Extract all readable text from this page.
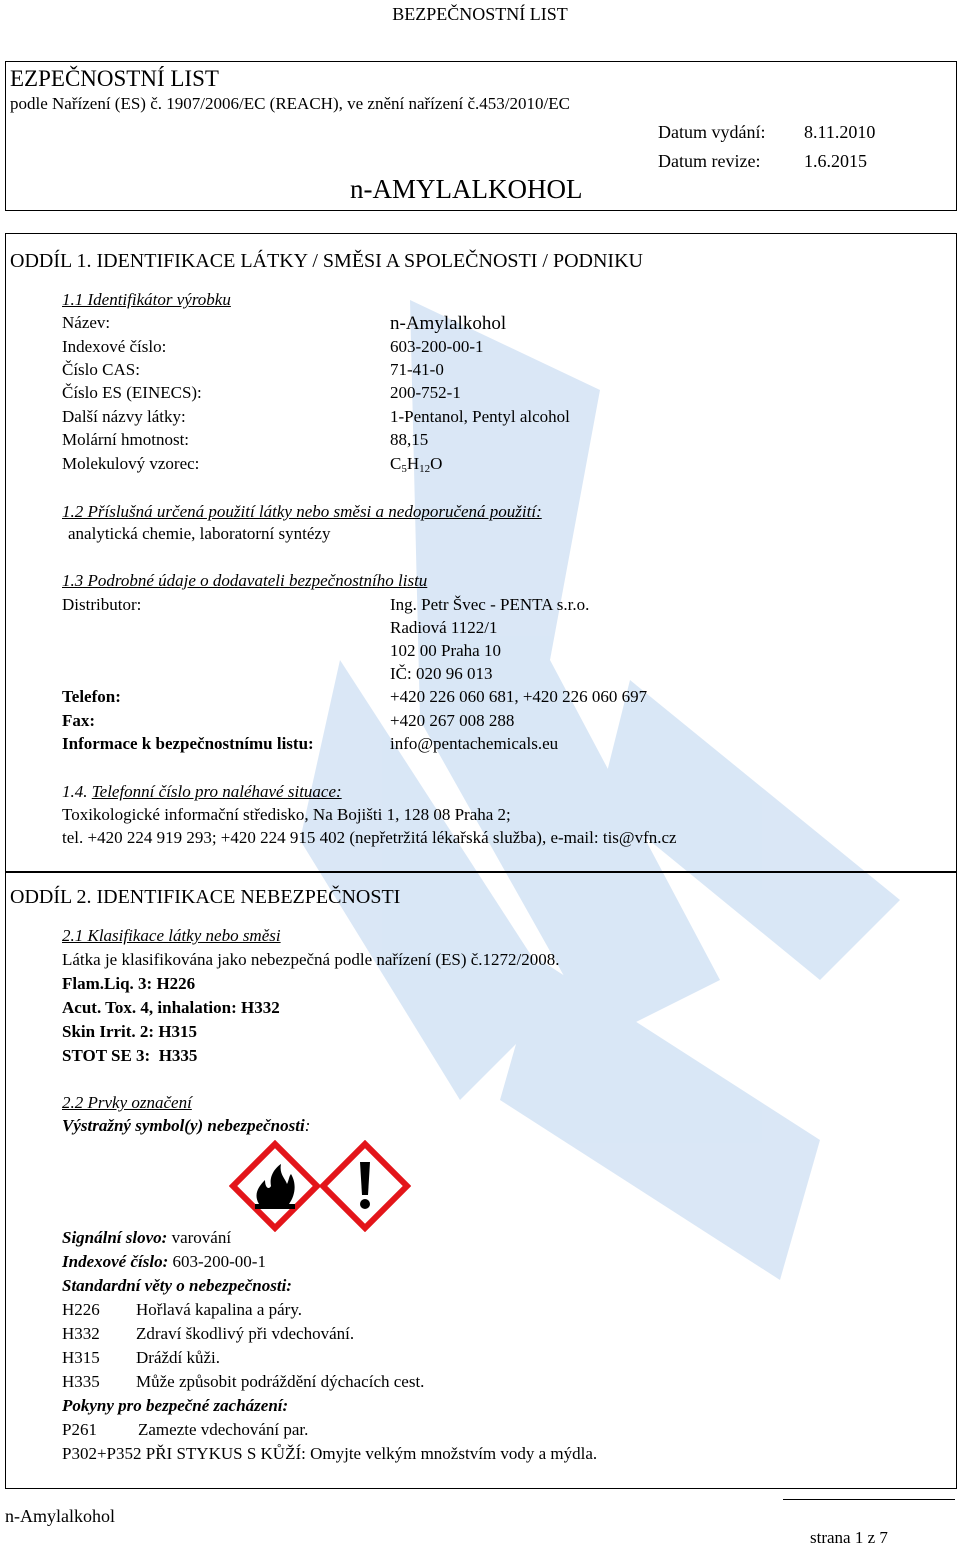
BEZPEČNOSTNÍ LIST
EZPEČNOSTNÍ LIST
podle Nařízení (ES) č. 1907/2006/EC (REACH), ve znění nařízení č.453/2010/EC
Datum vydání: 8.11.2010
Datum revize: 1.6.2015
n-AMYLALKOHOL
ODDÍL 1. IDENTIFIKACE LÁTKY / SMĚSI A SPOLEČNOSTI / PODNIKU
1.1 Identifikátor výrobku
Název:	n-Amylalkohol
Indexové číslo:	603-200-00-1
Číslo CAS:	71-41-0
Číslo ES (EINECS):	200-752-1
Další názvy látky:	1-Pentanol, Pentyl alcohol
Molární hmotnost:	88,15
Molekulový vzorec:	$C_5H_{12}O$
1.2 Příslušná určená použití látky nebo směsi a nedoporučená použití:
analytická chemie, laboratorní syntézy
1.3 Podrobné údaje o dodavateli bezpečnostního listu
Distributor:	Ing. Petr Švec - PENTA s.r.o.
Radiová 1122/1
102 00 Praha 10
IČ: 020 96 013
Telefon:	+420 226 060 681, +420 226 060 697
Fax:	+420 267 008 288
Informace k bezpečnostnímu listu:	info@pentachemicals.eu
1.4. Telefonní číslo pro naléhavé situace:
Toxikologické informační středisko, Na Bojišti 1, 128 08 Praha 2;
tel. +420 224 919 293; +420 224 915 402 (nepřetržitá lékařská služba), e-mail: tis@vfn.cz
ODDÍL 2. IDENTIFIKACE NEBEZPEČNOSTI
2.1 Klasifikace látky nebo směsi
Látka je klasifikována jako nebezpečná podle nařízení (ES) č.1272/2008.
Flam.Liq. 3: H226
Acut. Tox. 4, inhalation: H332
Skin Irrit. 2: H315
STOT SE 3:  H335
2.2 Prvky označení
Výstražný symbol(y) nebezpečnosti:
Signální slovo: varování
Indexové číslo: 603-200-00-1
Standardní věty o nebezpečnosti:
H226 Hořlavá kapalina a páry.
H332 Zdraví škodlivý při vdechování.
H315 Dráždí kůži.
H335 Může způsobit podráždění dýchacích cest.
Pokyny pro bezpečné zacházení:
P261 Zamezte vdechování par.
P302+P352 PŘI STYKUS S KŮŽÍ: Omyjte velkým množstvím vody a mýdla.
n-Amylalkohol
strana 1 z 7
